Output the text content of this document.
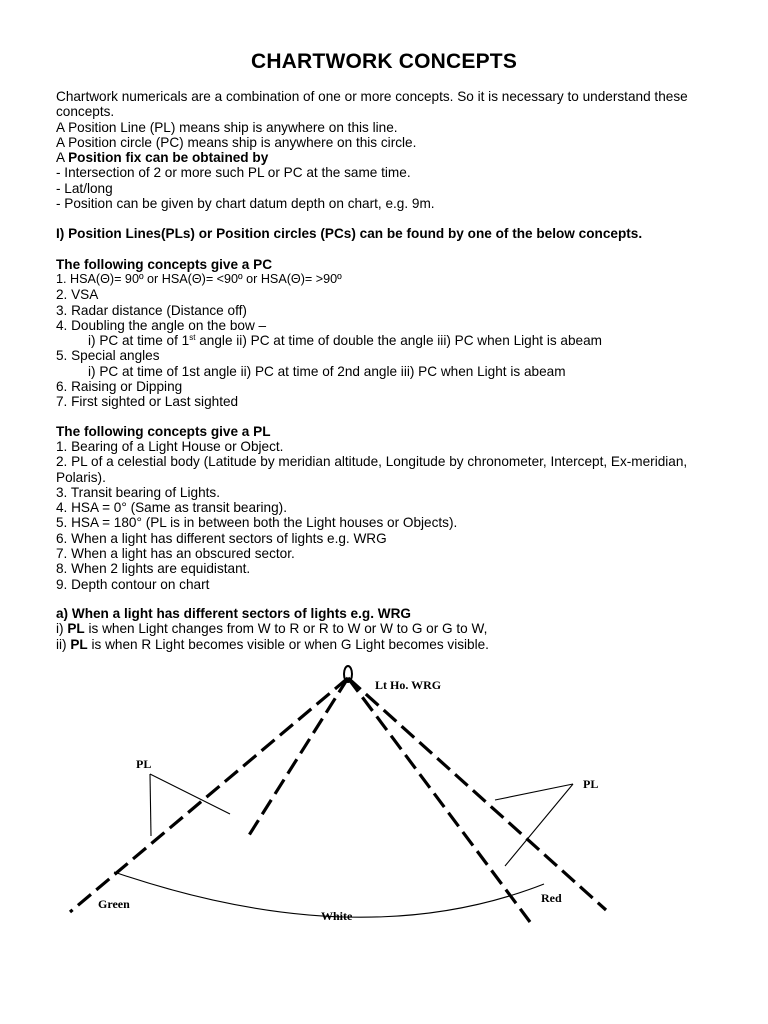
CHARTWORK CONCEPTS

Chartwork numericals are a combination of one or more concepts. So it is necessary to understand these concepts.

A Position Line (PL) means ship is anywhere on this line.

A Position circle (PC) means ship is anywhere on this circle.

A Position fix can be obtained by

- Intersection of 2 or more such PL or PC at the same time.

- Lat/long

- Position can be given by chart datum depth on chart, e.g. 9m.

I) Position Lines(PLs) or Position circles (PCs) can be found by one of the below concepts.

The following concepts give a PC

1. HSA(Θ)= 90º or HSA(Θ)= <90º or HSA(Θ)= >90º

2. VSA

3. Radar distance (Distance off)

4. Doubling the angle on the bow –

i) PC at time of 1st angle ii) PC at time of double the angle iii) PC when Light is abeam

5. Special angles

i) PC at time of 1st angle ii) PC at time of 2nd angle iii) PC when Light is abeam

6. Raising or Dipping

7. First sighted or Last sighted

The following concepts give a PL

1. Bearing of a Light House or Object.

2. PL of a celestial body (Latitude by meridian altitude, Longitude by chronometer, Intercept, Ex-meridian, Polaris).

3. Transit bearing of Lights.

4. HSA = 0° (Same as transit bearing).

5. HSA = 180° (PL is in between both the Light houses or Objects).

6. When a light has different sectors of lights e.g. WRG

7. When a light has an obscured sector.

8. When 2 lights are equidistant.

9. Depth contour on chart

a) When a light has different sectors of lights e.g. WRG

i) PL is when Light changes from W to R or R to W or W to G or G to W,

ii) PL is when R Light becomes visible or when G Light becomes visible.

Lt Ho. WRG
PL
PL
Green
White
Red
